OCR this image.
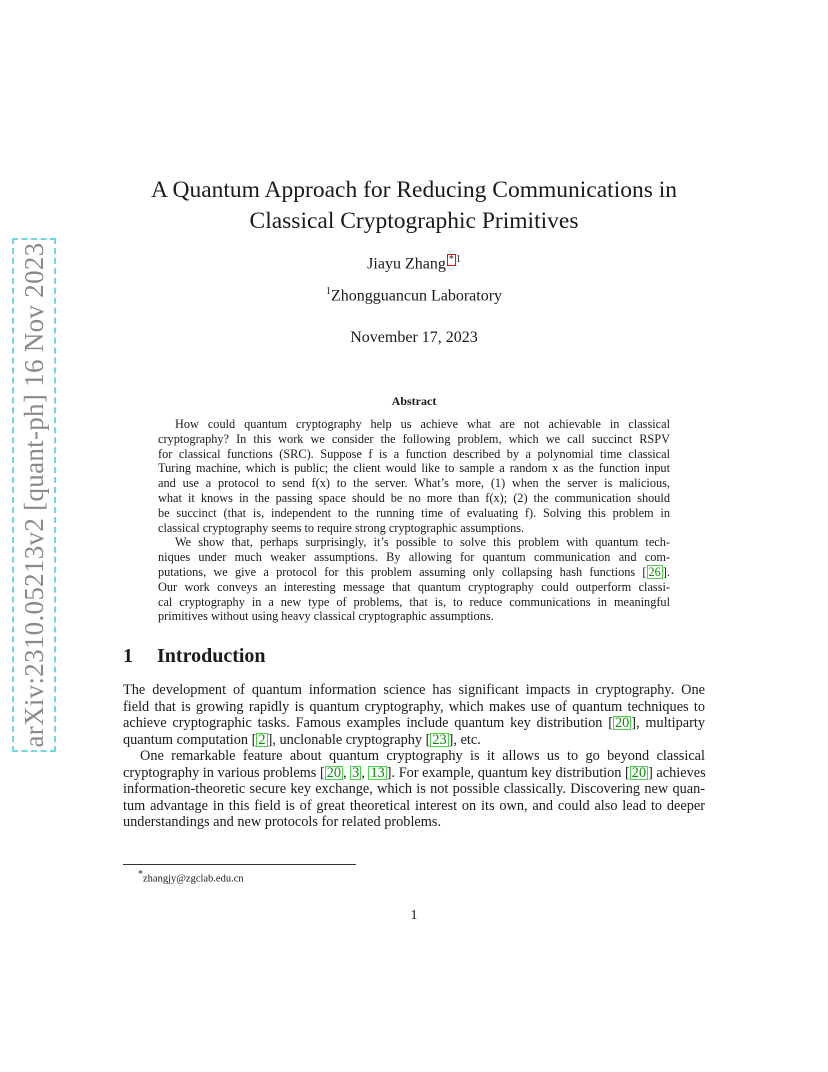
arXiv:2310.05213v2 [quant-ph] 16 Nov 2023
A Quantum Approach for Reducing Communications in
Classical Cryptographic Primitives
Jiayu Zhang * $^1$
$^1$Zhongguancun Laboratory
November 17, 2023
Abstract
How could quantum cryptography help us achieve what are not achievable in classical
cryptography? In this work we consider the following problem, which we call succinct RSPV
for classical functions (SRC). Suppose f is a function described by a polynomial time classical
Turing machine, which is public; the client would like to sample a random x as the function input
and use a protocol to send f(x) to the server. What’s more, (1) when the server is malicious,
what it knows in the passing space should be no more than f(x); (2) the communication should
be succinct (that is, independent to the running time of evaluating f). Solving this problem in
classical cryptography seems to require strong cryptographic assumptions.
We show that, perhaps surprisingly, it’s possible to solve this problem with quantum tech-
niques under much weaker assumptions. By allowing for quantum communication and com-
putations, we give a protocol for this problem assuming only collapsing hash functions [ 26 ].
Our work conveys an interesting message that quantum cryptography could outperform classi-
cal cryptography in a new type of problems, that is, to reduce communications in meaningful
primitives without using heavy classical cryptographic assumptions.
1 Introduction
The development of quantum information science has significant impacts in cryptography. One
field that is growing rapidly is quantum cryptography, which makes use of quantum techniques to
achieve cryptographic tasks. Famous examples include quantum key distribution [ 20 ], multiparty
quantum computation [ 2 ], unclonable cryptography [ 23 ], etc.
One remarkable feature about quantum cryptography is it allows us to go beyond classical
cryptography in various problems [ 20 , 3 , 13 ]. For example, quantum key distribution [ 20 ] achieves
information-theoretic secure key exchange, which is not possible classically. Discovering new quan-
tum advantage in this field is of great theoretical interest on its own, and could also lead to deeper
understandings and new protocols for related problems.
*zhangjy@zgclab.edu.cn
1
